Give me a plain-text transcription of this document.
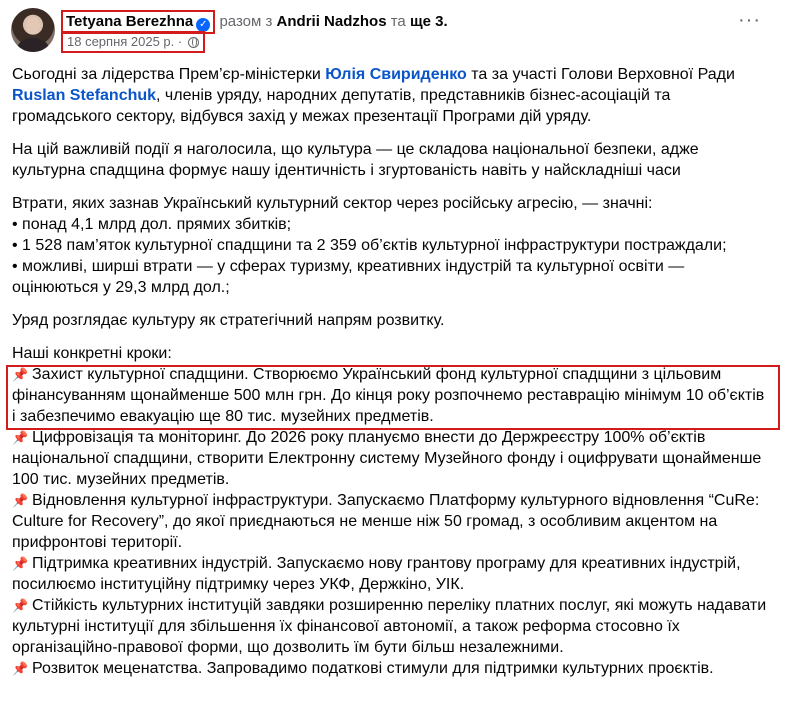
Tetyana Berezhna ✓ разом з Andrii Nadzhos та ще 3.
18 серпня 2025 р. ·
···

Сьогодні за лідерства Прем’єр-міністерки Юлія Свириденко та за участі Голови Верховної Ради Ruslan Stefanchuk, членів уряду, народних депутатів, представників бізнес-асоціацій та громадського сектору, відбувся захід у межах презентації Програми дій уряду.

На цій важливій події я наголосила, що культура — це складова національної безпеки, адже культурна спадщина формує нашу ідентичність і згуртованість навіть у найскладніші часи

Втрати, яких зазнав Український культурний сектор через російську агресію, — значні:
• понад 4,1 млрд дол. прямих збитків;
• 1 528 пам’яток культурної спадщини та 2 359 об’єктів культурної інфраструктури постраждали;
• можливі, ширші втрати — у сферах туризму, креативних індустрій та культурної освіти — оцінюються у 29,3 млрд дол.;

Уряд розглядає культуру як стратегічний напрям розвитку.

Наші конкретні кроки:
📌 Захист культурної спадщини. Створюємо Український фонд культурної спадщини з цільовим фінансуванням щонайменше 500 млн грн. До кінця року розпочнемо реставрацію мінімум 10 об’єктів і забезпечимо евакуацію ще 80 тис. музейних предметів.
📌 Цифровізація та моніторинг. До 2026 року плануємо внести до Держреєстру 100% об’єктів національної спадщини, створити Електронну систему Музейного фонду і оцифрувати щонайменше 100 тис. музейних предметів.
📌 Відновлення культурної інфраструктури. Запускаємо Платформу культурного відновлення “CuRe: Culture for Recovery”, до якої приєднаються не менше ніж 50 громад, з особливим акцентом на прифронтові території.
📌 Підтримка креативних індустрій. Запускаємо нову грантову програму для креативних індустрій, посилюємо інституційну підтримку через УКФ, Держкіно, УІК.
📌 Стійкість культурних інституцій завдяки розширенню переліку платних послуг, які можуть надавати культурні інституції для збільшення їх фінансової автономії, а також реформа стосовно їх організаційно-правової форми, що дозволить їм бути більш незалежними.
📌 Розвиток меценатства. Запровадимо податкові стимули для підтримки культурних проєктів.
